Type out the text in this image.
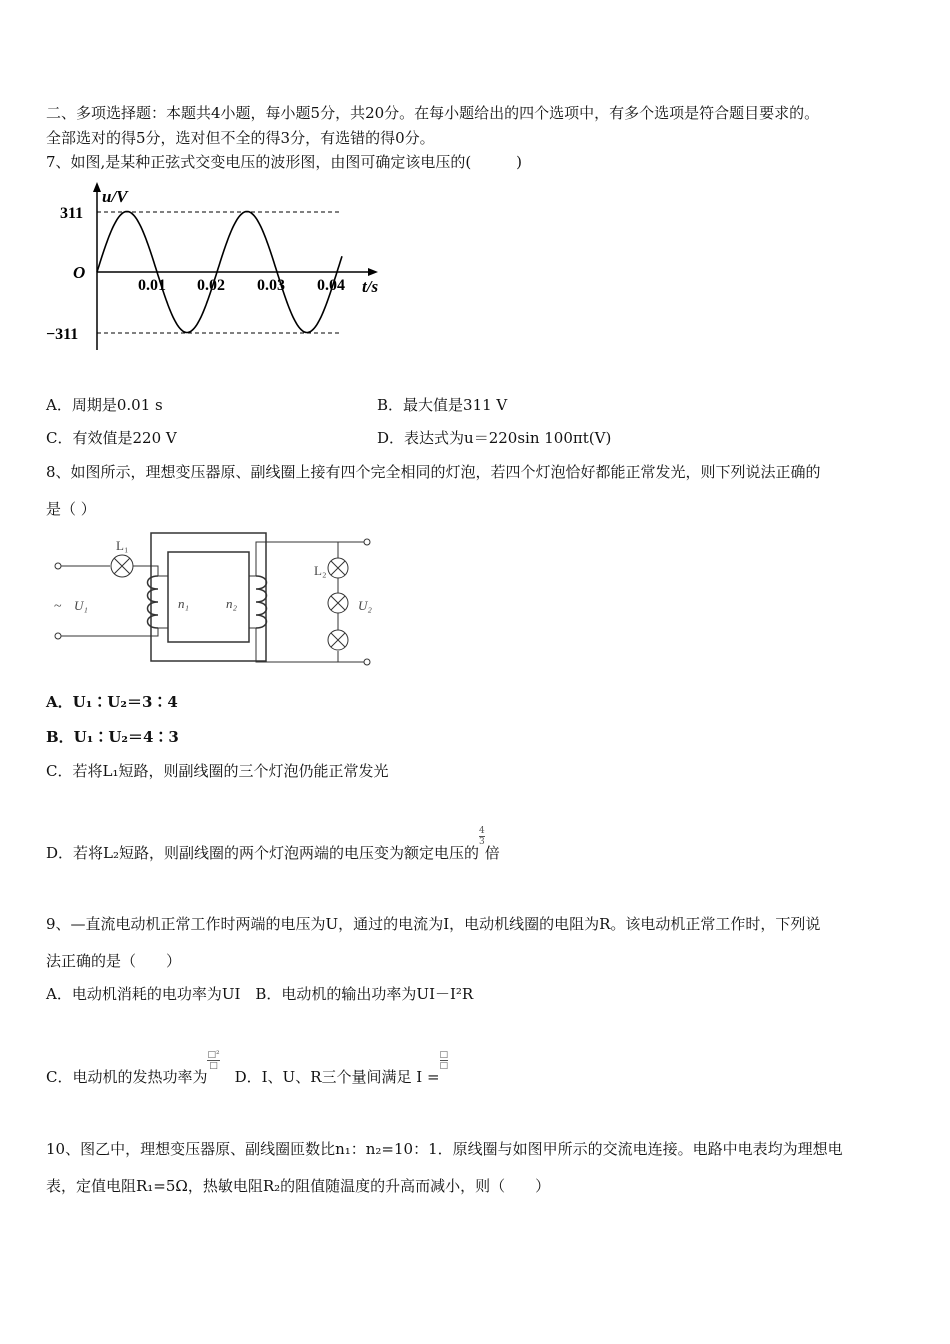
二、多项选择题：本题共4小题，每小题5分，共20分。在每小题给出的四个选项中，有多个选项是符合题目要求的。
全部选对的得5分，选对但不全的得3分，有选错的得0分。
7、如图,是某种正弦式交变电压的波形图，由图可确定该电压的(　　　)
u/V
t/s
O
311
−311
0.01 0.02 0.03 0.04
A．周期是0.01 s	B．最大值是311 V
C．有效值是220 V	D．表达式为u＝220sin 100πt(V)
8、如图所示，理想变压器原、副线圈上接有四个完全相同的灯泡，若四个灯泡恰好都能正常发光，则下列说法正确的
是（ ）
L₁
L₂
~ U₁	U₂
n₁	n₂
A．U₁∶U₂＝3∶4
B．U₁∶U₂＝4∶3
C．若将L₁短路，则副线圈的三个灯泡仍能正常发光
D．若将L₂短路，则副线圈的两个灯泡两端的电压变为额定电压的
$\frac{4}{3}$
倍
9、—直流电动机正常工作时两端的电压为U，通过的电流为I，电动机线圈的电阻为R。该电动机正常工作时，下列说
法正确的是（　　）
A．电动机消耗的电功率为UI　B．电动机的输出功率为UI－I²R
C．电动机的发热功率为
$\frac{\text{□²}}{□}$
　D．I、U、R三个量间满足 I =
$\frac{□}{□}$
10、图乙中，理想变压器原、副线圈匝数比n₁：n₂=10：1．原线圈与如图甲所示的交流电连接。电路中电表均为理想电
表，定值电阻R₁=5Ω，热敏电阻R₂的阻值随温度的升高而减小，则（　　）
